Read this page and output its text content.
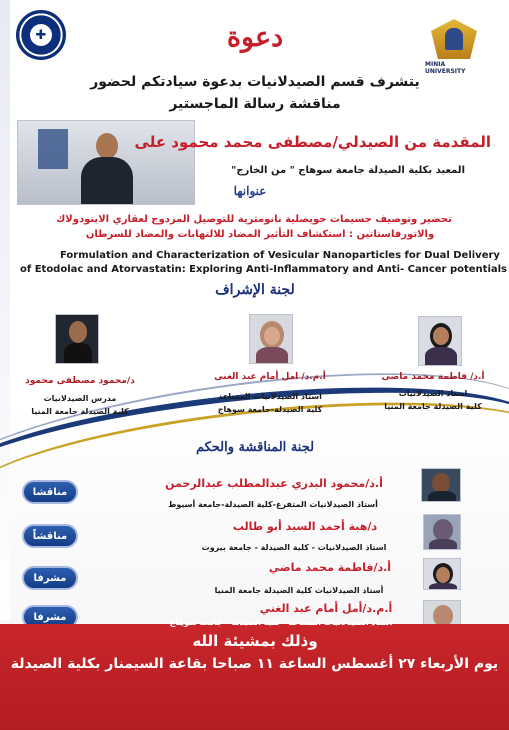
✚
MINIA UNIVERSITY
دعوة
يتشرف قسم الصيدلانيات بدعوة سيادتكم لحضور
مناقشة رسالة الماجستير
المقدمة من الصيدلي/مصطفى محمد محمود على
المعيد بكلية الصيدلة جامعة سوهاج " من الخارج"
عنوانها
تحضير وتوصيف جسيمات حويصلية نانومترية للتوصيل المزدوج لعقاري الايتودولاك
والاتورفاستاتين : استكشاف التأثير المضاد للالتهابات والمضاد للسرطان
Formulation and Characterization of Vesicular Nanoparticles for Dual Delivery
of Etodolac and Atorvastatin: Exploring Anti-Inflammatory and Anti- Cancer potentials
لجنة الإشراف
أ.د/ فاطمة محمد ماضى
استاذ الصيدلانيات
كلية الصيدلة جامعة المنيا
أ.م.د/ امل أمام عبد الغنى
استاذ الصيدلانيات المساعد
كلية الصيدلة-جامعة سوهاج
د/محمود مصطفى محمود
مدرس الصيدلانيات
كلية الصيدلة جامعة المنيا
لجنة المناقشة والحكم
مناقشا
مناقشاً
مشرفا
مشرفا
أ.د/محمود البدري عبدالمطلب عبدالرحمن
أستاذ الصيدلانيات المتفرغ-كلية الصيدلة-جامعة أسيوط
د/هبة أحمد السيد أبو طالب
استاذ الصيدلانيات - كلية الصيدلة - جامعة بيروت
أ.د/فاطمة محمد ماضي
أستاذ الصيدلانيات كلية الصيدلة جامعة المنيا
أ.م.د/أمل أمام عبد الغني
استاذ الصيدلانيات المساعد - كلية الصيدلة - جامعة سوهاج
وذلك بمشيئة الله
يوم الأربعاء ٢٧ أغسطس الساعة ١١ صباحا بقاعة السيمنار بكلية الصيدلة
